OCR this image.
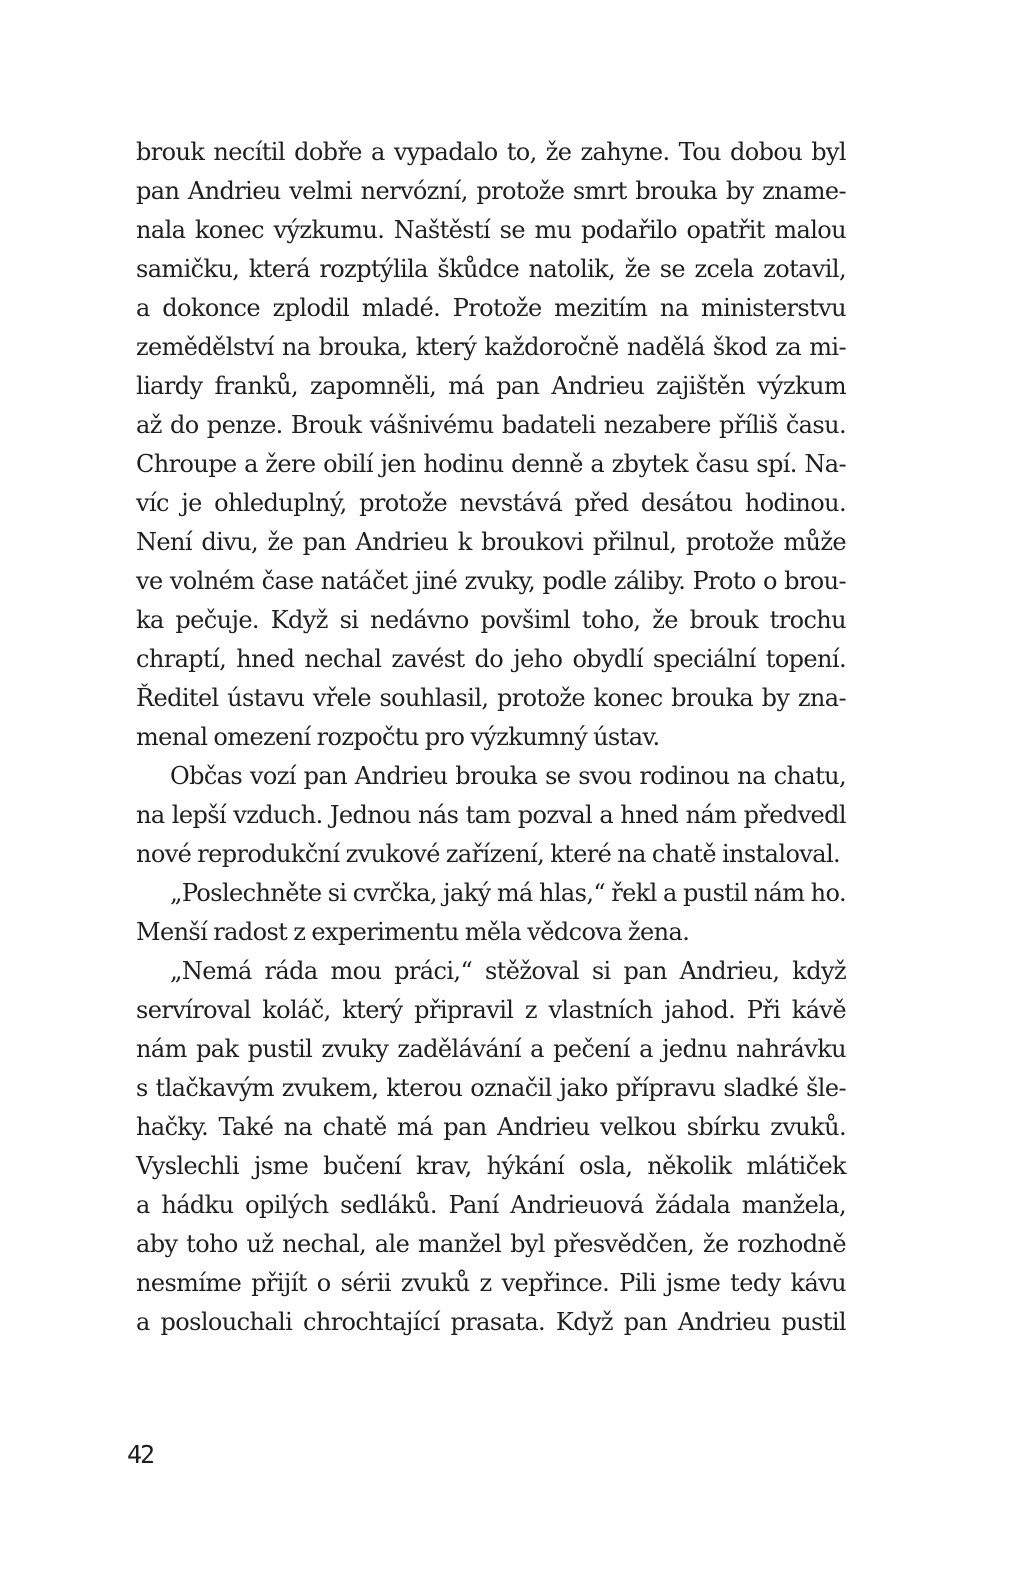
brouk necítil dobře a vypadalo to, že zahyne. Tou dobou byl
pan Andrieu velmi nervózní, protože smrt brouka by zname-
nala konec výzkumu. Naštěstí se mu podařilo opatřit malou
samičku, která rozptýlila škůdce natolik, že se zcela zotavil,
a dokonce zplodil mladé. Protože mezitím na ministerstvu
zemědělství na brouka, který každoročně nadělá škod za mi-
liardy franků, zapomněli, má pan Andrieu zajištěn výzkum
až do penze. Brouk vášnivému badateli nezabere příliš času.
Chroupe a žere obilí jen hodinu denně a zbytek času spí. Na-
víc je ohleduplný, protože nevstává před desátou hodinou.
Není divu, že pan Andrieu k broukovi přilnul, protože může
ve volném čase natáčet jiné zvuky, podle záliby. Proto o brou-
ka pečuje. Když si nedávno povšiml toho, že brouk trochu
chraptí, hned nechal zavést do jeho obydlí speciální topení.
Ředitel ústavu vřele souhlasil, protože konec brouka by zna-
menal omezení rozpočtu pro výzkumný ústav.
Občas vozí pan Andrieu brouka se svou rodinou na chatu,
na lepší vzduch. Jednou nás tam pozval a hned nám předvedl
nové reprodukční zvukové zařízení, které na chatě instaloval.
„Poslechněte si cvrčka, jaký má hlas,“ řekl a pustil nám ho.
Menší radost z experimentu měla vědcova žena.
„Nemá ráda mou práci,“ stěžoval si pan Andrieu, když
servíroval koláč, který připravil z vlastních jahod. Při kávě
nám pak pustil zvuky zadělávání a pečení a jednu nahrávku
s tlačkavým zvukem, kterou označil jako přípravu sladké šle-
hačky. Také na chatě má pan Andrieu velkou sbírku zvuků.
Vyslechli jsme bučení krav, hýkání osla, několik mlátiček
a hádku opilých sedláků. Paní Andrieuová žádala manžela,
aby toho už nechal, ale manžel byl přesvědčen, že rozhodně
nesmíme přijít o sérii zvuků z vepřince. Pili jsme tedy kávu
a poslouchali chrochtající prasata. Když pan Andrieu pustil
42
